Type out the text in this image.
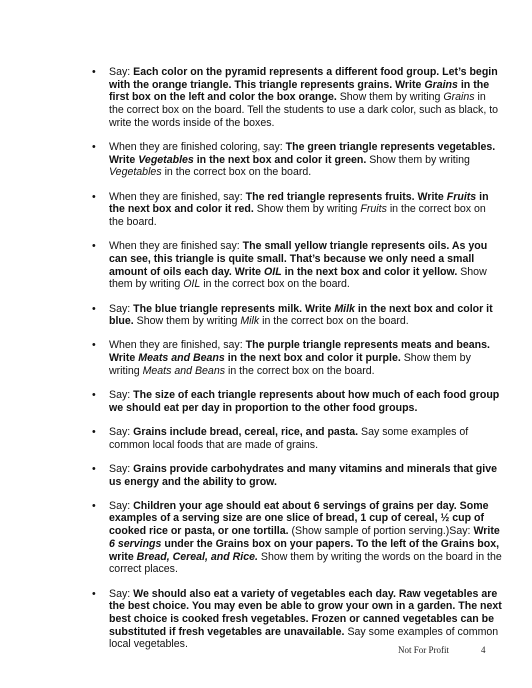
• Say: Each color on the pyramid represents a different food group. Let’s begin with the orange triangle. This triangle represents grains. Write Grains in the first box on the left and color the box orange. Show them by writing Grains in the correct box on the board. Tell the students to use a dark color, such as black, to write the words inside of the boxes.
• When they are finished coloring, say: The green triangle represents vegetables. Write Vegetables in the next box and color it green. Show them by writing Vegetables in the correct box on the board.
• When they are finished, say: The red triangle represents fruits. Write Fruits in the next box and color it red. Show them by writing Fruits in the correct box on the board.
• When they are finished say: The small yellow triangle represents oils. As you can see, this triangle is quite small. That’s because we only need a small amount of oils each day. Write OIL in the next box and color it yellow. Show them by writing OIL in the correct box on the board.
• Say: The blue triangle represents milk. Write Milk in the next box and color it blue. Show them by writing Milk in the correct box on the board.
• When they are finished, say: The purple triangle represents meats and beans. Write Meats and Beans in the next box and color it purple. Show them by writing Meats and Beans in the correct box on the board.
• Say: The size of each triangle represents about how much of each food group we should eat per day in proportion to the other food groups.
• Say: Grains include bread, cereal, rice, and pasta. Say some examples of common local foods that are made of grains.
• Say: Grains provide carbohydrates and many vitamins and minerals that give us energy and the ability to grow.
• Say: Children your age should eat about 6 servings of grains per day. Some examples of a serving size are one slice of bread, 1 cup of cereal, ½ cup of cooked rice or pasta, or one tortilla. (Show sample of portion serving.)Say: Write 6 servings under the Grains box on your papers. To the left of the Grains box, write Bread, Cereal, and Rice. Show them by writing the words on the board in the correct places.
• Say: We should also eat a variety of vegetables each day. Raw vegetables are the best choice. You may even be able to grow your own in a garden. The next best choice is cooked fresh vegetables. Frozen or canned vegetables can be substituted if fresh vegetables are unavailable. Say some examples of common local vegetables.	Not For Profit	4
